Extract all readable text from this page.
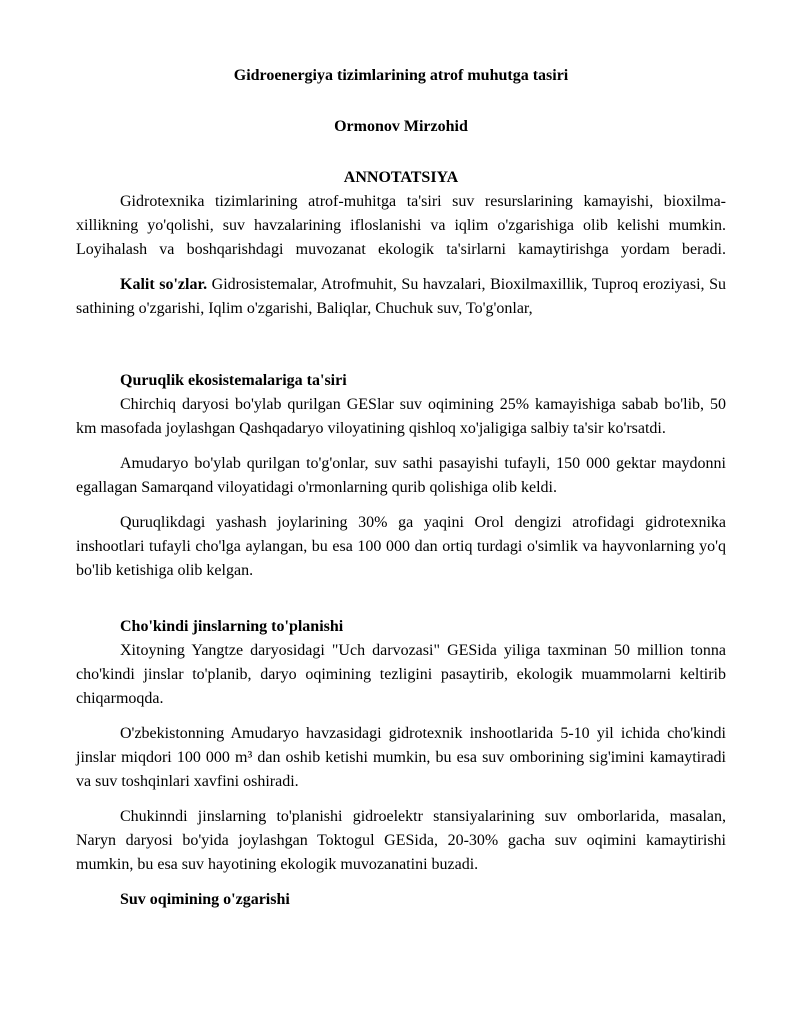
Gidroenergiya tizimlarining atrof muhutga tasiri

Ormonov Mirzohid

ANNOTATSIYA

Gidrotexnika tizimlarining atrof-muhitga ta'siri suv resurslarining kamayishi, bioxilma-xillikning yo'qolishi, suv havzalarining ifloslanishi va iqlim o'zgarishiga olib kelishi mumkin. Loyihalash va boshqarishdagi muvozanat ekologik ta'sirlarni kamaytirishga yordam beradi.

Kalit so'zlar. Gidrosistemalar, Atrofmuhit, Su havzalari, Bioxilmaxillik, Tuproq eroziyasi, Su sathining o'zgarishi, Iqlim o'zgarishi, Baliqlar, Chuchuk suv, To'g'onlar,

Quruqlik ekosistemalariga ta'siri

Chirchiq daryosi bo'ylab qurilgan GESlar suv oqimining 25% kamayishiga sabab bo'lib, 50 km masofada joylashgan Qashqadaryo viloyatining qishloq xo'jaligiga salbiy ta'sir ko'rsatdi.

Amudaryo bo'ylab qurilgan to'g'onlar, suv sathi pasayishi tufayli, 150 000 gektar maydonni egallagan Samarqand viloyatidagi o'rmonlarning qurib qolishiga olib keldi.

Quruqlikdagi yashash joylarining 30% ga yaqini Orol dengizi atrofidagi gidrotexnika inshootlari tufayli cho'lga aylangan, bu esa 100 000 dan ortiq turdagi o'simlik va hayvonlarning yo'q bo'lib ketishiga olib kelgan.

Cho'kindi jinslarning to'planishi

Xitoyning Yangtze daryosidagi "Uch darvozasi" GESida yiliga taxminan 50 million tonna cho'kindi jinslar to'planib, daryo oqimining tezligini pasaytirib, ekologik muammolarni keltirib chiqarmoqda.

O'zbekistonning Amudaryo havzasidagi gidrotexnik inshootlarida 5-10 yil ichida cho'kindi jinslar miqdori 100 000 m³ dan oshib ketishi mumkin, bu esa suv omborining sig'imini kamaytiradi va suv toshqinlari xavfini oshiradi.

Chukinndi jinslarning to'planishi gidroelektr stansiyalarining suv omborlarida, masalan, Naryn daryosi bo'yida joylashgan Toktogul GESida, 20-30% gacha suv oqimini kamaytirishi mumkin, bu esa suv hayotining ekologik muvozanatini buzadi.

Suv oqimining o'zgarishi
